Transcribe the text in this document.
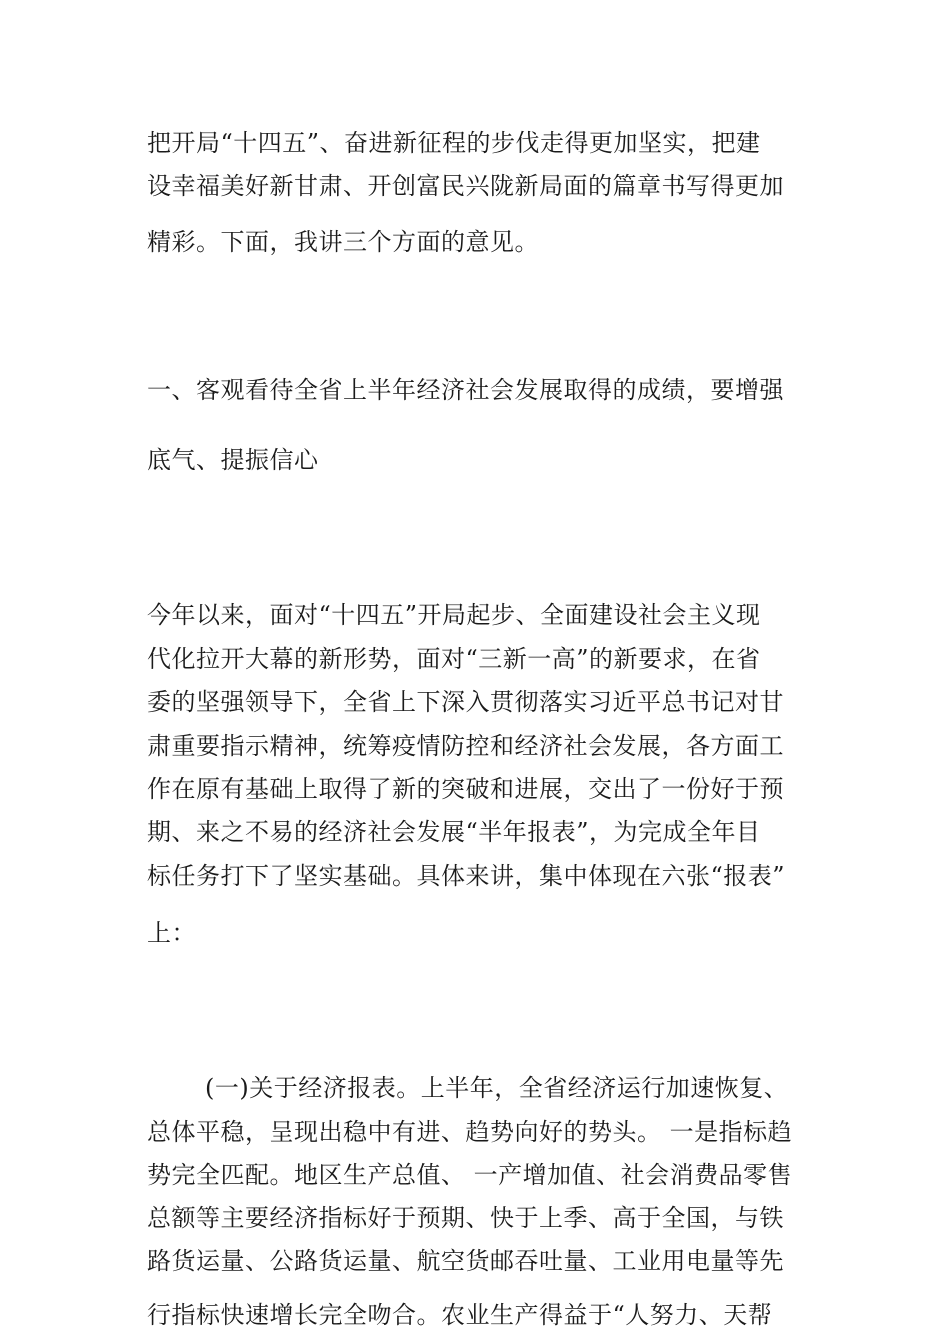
把开局“十四五”、奋进新征程的步伐走得更加坚实，把建
设幸福美好新甘肃、开创富民兴陇新局面的篇章书写得更加
精彩。下面，我讲三个方面的意见。
一、客观看待全省上半年经济社会发展取得的成绩，要增强
底气、提振信心
今年以来，面对“十四五”开局起步、全面建设社会主义现
代化拉开大幕的新形势，面对“三新一高”的新要求，在省
委的坚强领导下，全省上下深入贯彻落实习近平总书记对甘
肃重要指示精神，统筹疫情防控和经济社会发展，各方面工
作在原有基础上取得了新的突破和进展，交出了一份好于预
期、来之不易的经济社会发展“半年报表”，为完成全年目
标任务打下了坚实基础。具体来讲，集中体现在六张“报表”
上：
(一)关于经济报表。上半年，全省经济运行加速恢复、
总体平稳，呈现出稳中有进、趋势向好的势头。 一是指标趋
势完全匹配。地区生产总值、 一产增加值、社会消费品零售
总额等主要经济指标好于预期、快于上季、高于全国，与铁
路货运量、公路货运量、航空货邮吞吐量、工业用电量等先
行指标快速增长完全吻合。农业生产得益于“人努力、天帮
